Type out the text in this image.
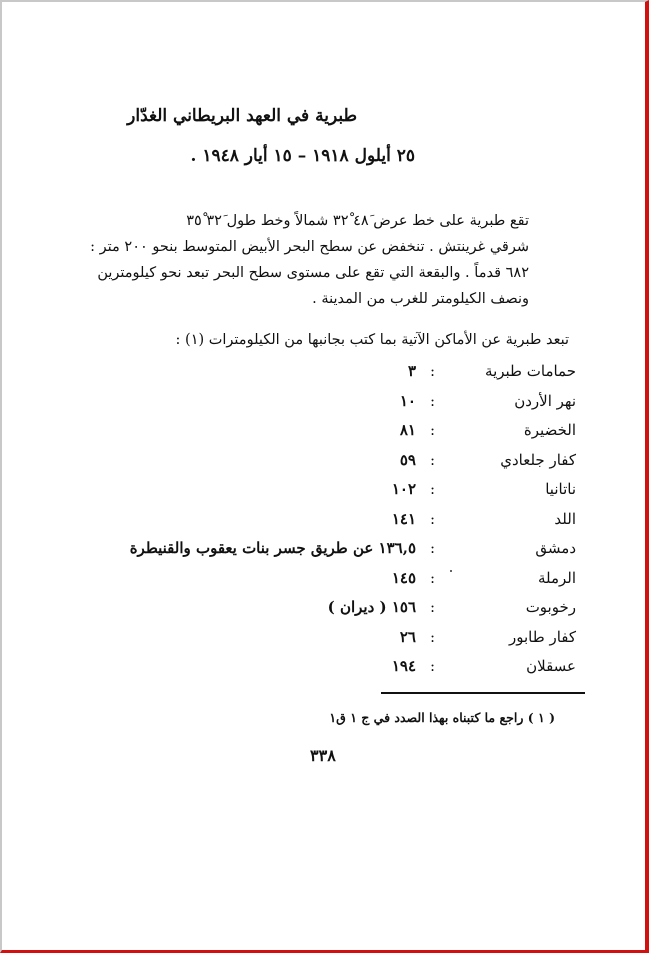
طبرية في العهد البريطاني الغدّار
٢٥ أيلول ١٩١٨ – ١٥ أيار ١٩٤٨ .
تقع طبرية على خط عرض ٤٨َ ٣٢ْ شمالاً وخط طول ٣٢َ ٣٥ْ
شرقي غرينتش . تنخفض عن سطح البحر الأبيض المتوسط بنحو ٢٠٠ متر :
٦٨٢ قدماً . والبقعة التي تقع على مستوى سطح البحر تبعد نحو كيلومترين
ونصف الكيلومتر للغرب من المدينة .
تبعد طبرية عن الأماكن الآتية بما كتب بجانبها من الكيلومترات (١) :
حمامات طبرية
:
٣
نهر الأردن
:
١٠
الخضيرة
:
٨١
كفار جلعادي
:
٥٩
ناتانيا
:
١٠٢
اللد
:
١٤١
دمشق
:
١٣٦,٥ عن طريق جسر بنات يعقوب والقنيطرة
الرملة
:
١٤٥
رخوبوت
:
١٥٦ ( ديران )
كفار طابور
:
٢٦
عسقلان
:
١٩٤
( ١ ) راجع ما كتبناه بهذا الصدد في ج ١ ق١
٣٣٨
